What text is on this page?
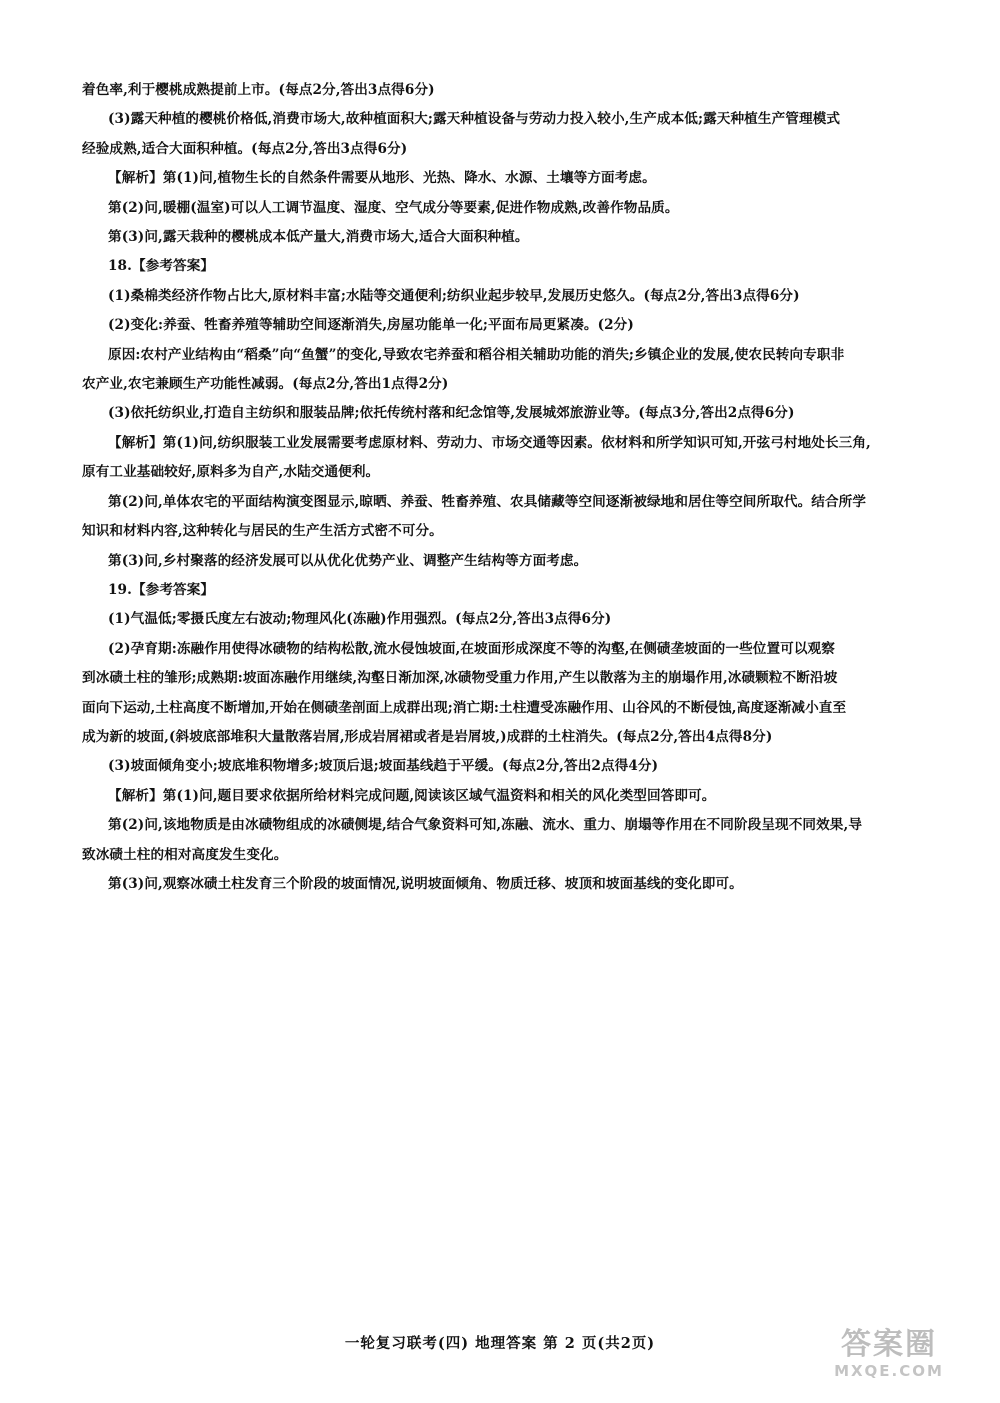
着色率,利于樱桃成熟提前上市。(每点2分,答出3点得6分)
(3)露天种植的樱桃价格低,消费市场大,故种植面积大;露天种植设备与劳动力投入较小,生产成本低;露天种植生产管理模式
经验成熟,适合大面积种植。(每点2分,答出3点得6分)
【解析】第(1)问,植物生长的自然条件需要从地形、光热、降水、水源、土壤等方面考虑。
第(2)问,暖棚(温室)可以人工调节温度、湿度、空气成分等要素,促进作物成熟,改善作物品质。
第(3)问,露天栽种的樱桃成本低产量大,消费市场大,适合大面积种植。
18.【参考答案】
(1)桑棉类经济作物占比大,原材料丰富;水陆等交通便利;纺织业起步较早,发展历史悠久。(每点2分,答出3点得6分)
(2)变化:养蚕、牲畜养殖等辅助空间逐渐消失,房屋功能单一化;平面布局更紧凑。(2分)
原因:农村产业结构由“稻桑”向“鱼蟹”的变化,导致农宅养蚕和稻谷相关辅助功能的消失;乡镇企业的发展,使农民转向专职非
农产业,农宅兼顾生产功能性减弱。(每点2分,答出1点得2分)
(3)依托纺织业,打造自主纺织和服装品牌;依托传统村落和纪念馆等,发展城郊旅游业等。(每点3分,答出2点得6分)
【解析】第(1)问,纺织服装工业发展需要考虑原材料、劳动力、市场交通等因素。依材料和所学知识可知,开弦弓村地处长三角,
原有工业基础较好,原料多为自产,水陆交通便利。
第(2)问,单体农宅的平面结构演变图显示,晾晒、养蚕、牲畜养殖、农具储藏等空间逐渐被绿地和居住等空间所取代。结合所学
知识和材料内容,这种转化与居民的生产生活方式密不可分。
第(3)问,乡村聚落的经济发展可以从优化优势产业、调整产生结构等方面考虑。
19.【参考答案】
(1)气温低;零摄氏度左右波动;物理风化(冻融)作用强烈。(每点2分,答出3点得6分)
(2)孕育期:冻融作用使得冰碛物的结构松散,流水侵蚀坡面,在坡面形成深度不等的沟壑,在侧碛垄坡面的一些位置可以观察
到冰碛土柱的雏形;成熟期:坡面冻融作用继续,沟壑日渐加深,冰碛物受重力作用,产生以散落为主的崩塌作用,冰碛颗粒不断沿坡
面向下运动,土柱高度不断增加,开始在侧碛垄剖面上成群出现;消亡期:土柱遭受冻融作用、山谷风的不断侵蚀,高度逐渐减小直至
成为新的坡面,(斜坡底部堆积大量散落岩屑,形成岩屑裙或者是岩屑坡,)成群的土柱消失。(每点2分,答出4点得8分)
(3)坡面倾角变小;坡底堆积物增多;坡顶后退;坡面基线趋于平缓。(每点2分,答出2点得4分)
【解析】第(1)问,题目要求依据所给材料完成问题,阅读该区域气温资料和相关的风化类型回答即可。
第(2)问,该地物质是由冰碛物组成的冰碛侧堤,结合气象资料可知,冻融、流水、重力、崩塌等作用在不同阶段呈现不同效果,导
致冰碛土柱的相对高度发生变化。
第(3)问,观察冰碛土柱发育三个阶段的坡面情况,说明坡面倾角、物质迁移、坡顶和坡面基线的变化即可。
一轮复习联考(四) 地理答案 第 2 页(共2页)	答案圈
MXQE.COM
